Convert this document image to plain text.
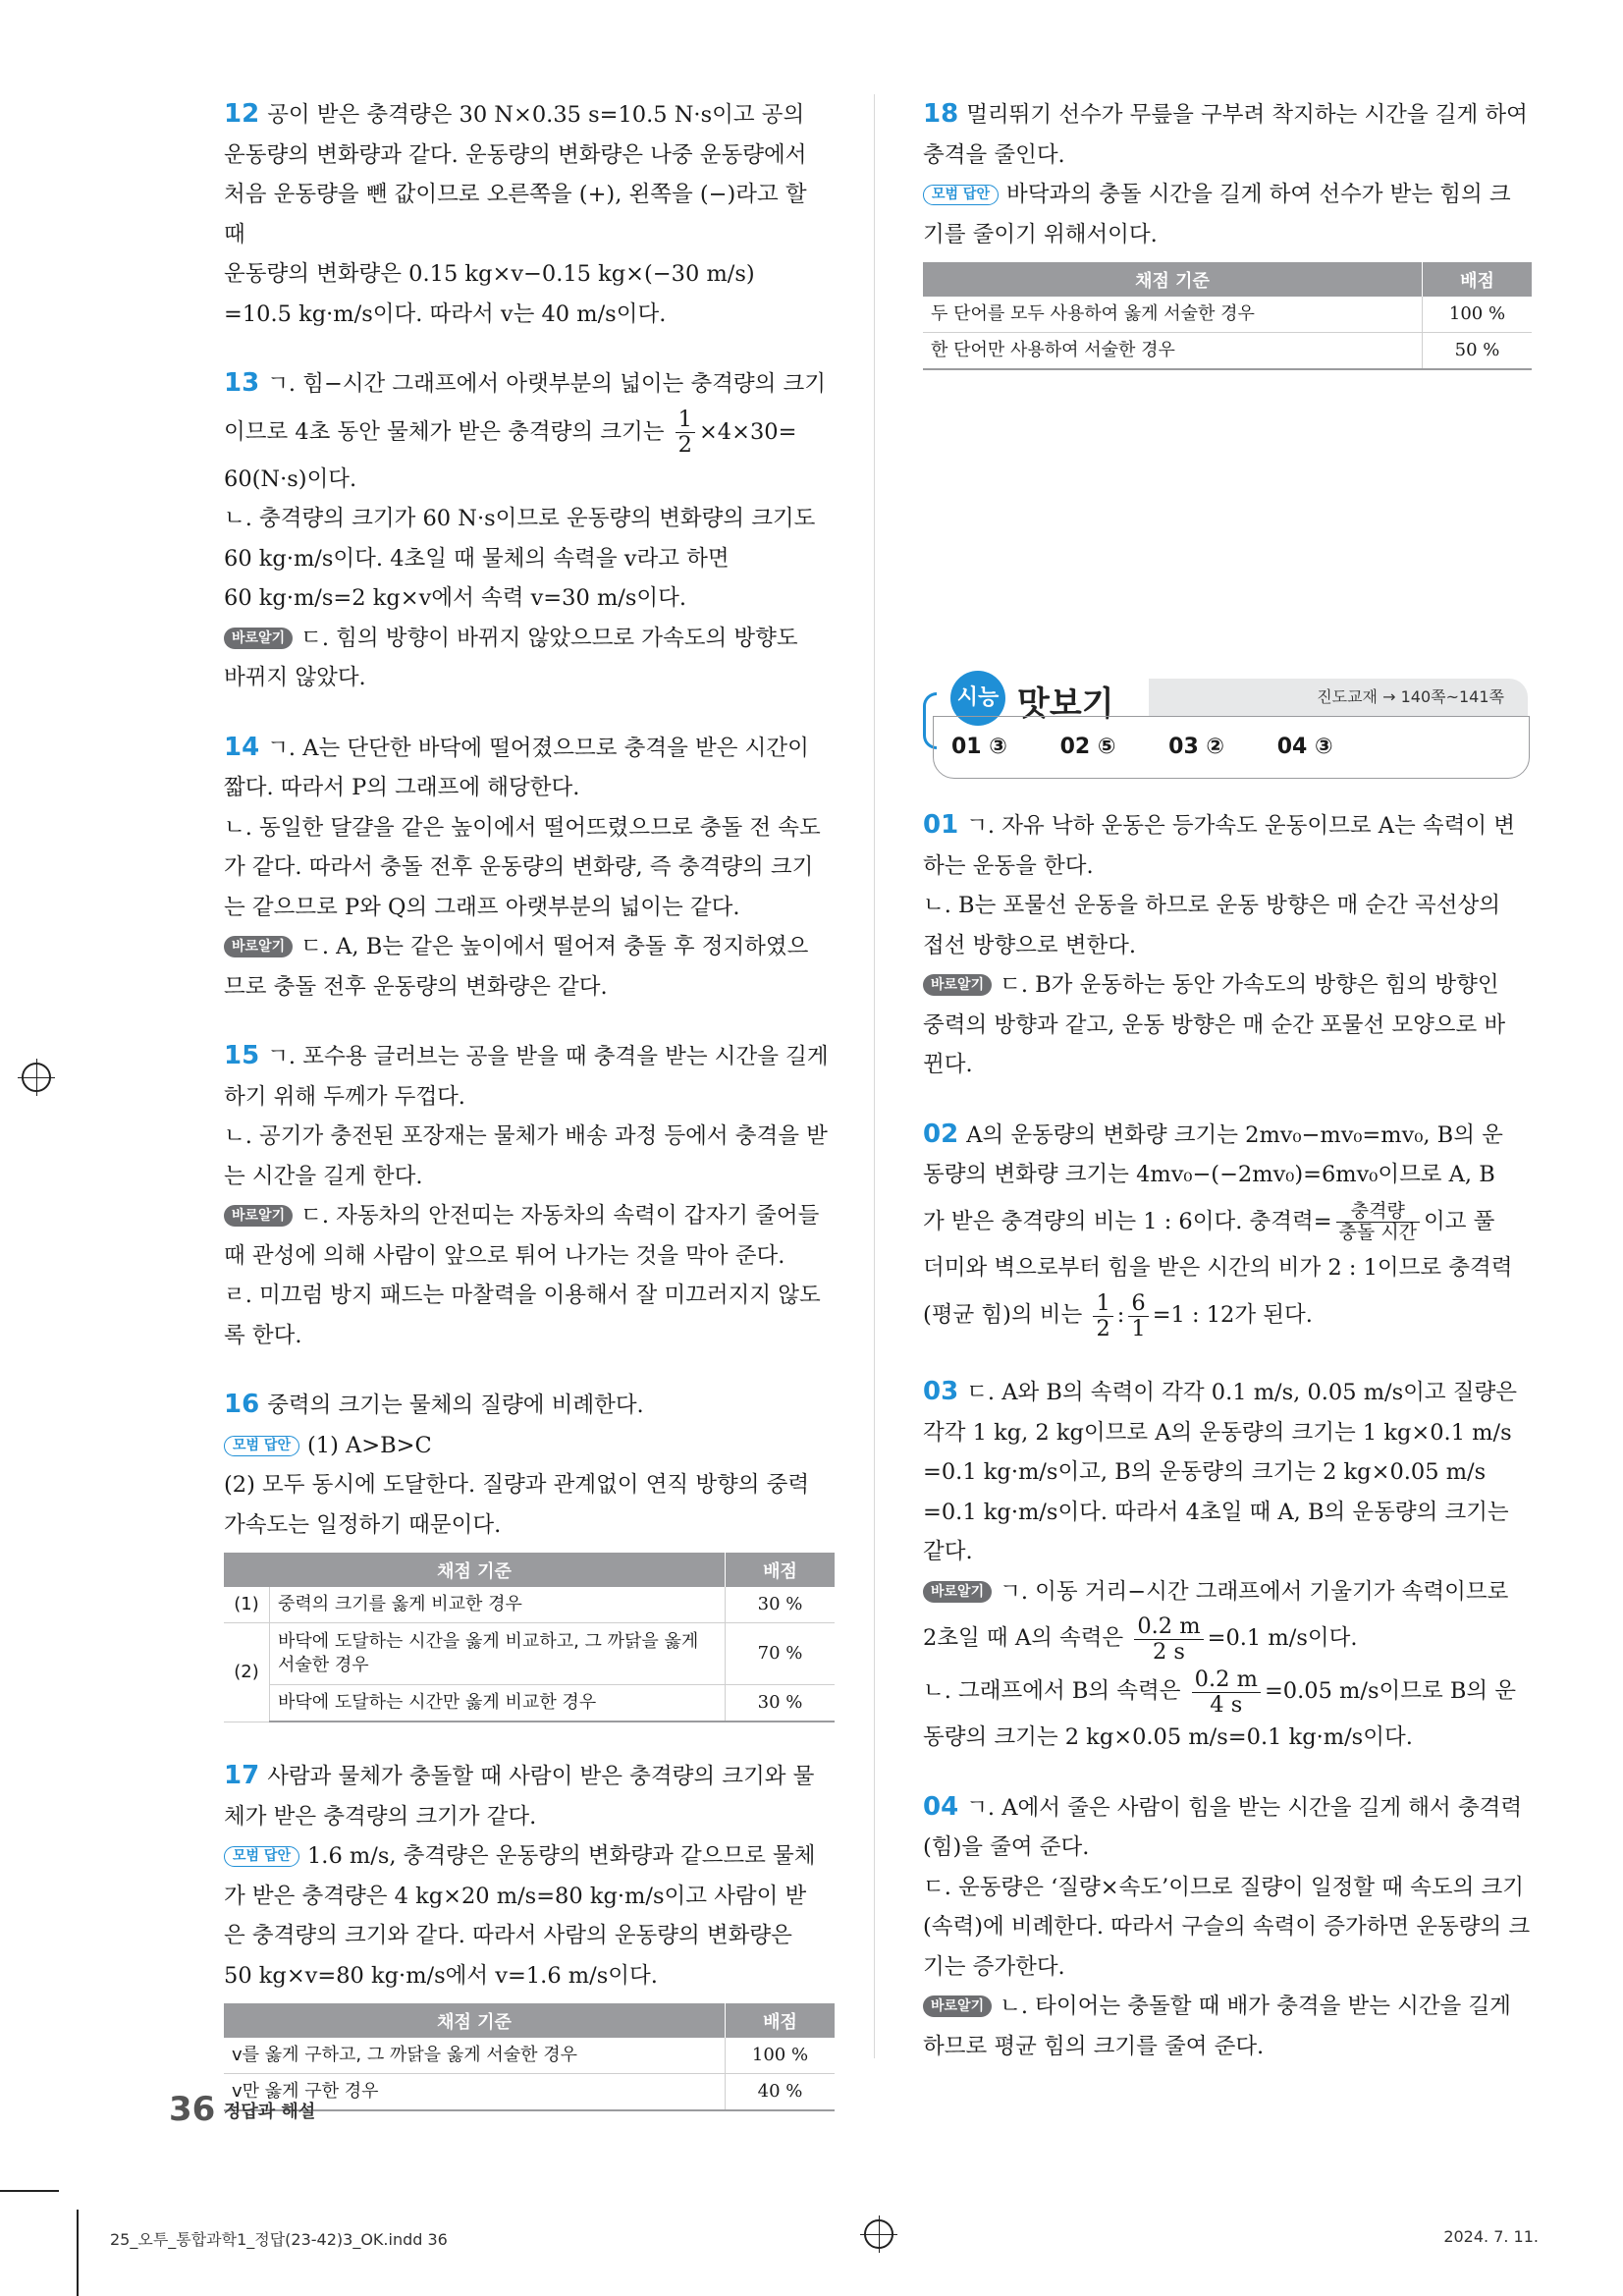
12 공이 받은 충격량은 30 N×0.35 s=10.5 N·s이고 공의

운동량의 변화량과 같다. 운동량의 변화량은 나중 운동량에서

처음 운동량을 뺀 값이므로 오른쪽을 (+), 왼쪽을 (−)라고 할 때

운동량의 변화량은 0.15 kg×v−0.15 kg×(−30 m/s)

=10.5 kg·m/s이다. 따라서 v는 40 m/s이다.

13 ㄱ. 힘−시간 그래프에서 아랫부분의 넓이는 충격량의 크기

이므로 4초 동안 물체가 받은 충격량의 크기는 $\frac{1}{2} \times 4\times 30=$

60(N·s)이다.

ㄴ. 충격량의 크기가 60 N·s이므로 운동량의 변화량의 크기도

60 kg·m/s이다. 4초일 때 물체의 속력을 v라고 하면

60 kg·m/s=2 kg×v에서 속력 v=30 m/s이다.

바로알기 ㄷ. 힘의 방향이 바뀌지 않았으므로 가속도의 방향도

바뀌지 않았다.

14 ㄱ. A는 단단한 바닥에 떨어졌으므로 충격을 받은 시간이

짧다. 따라서 P의 그래프에 해당한다.

ㄴ. 동일한 달걀을 같은 높이에서 떨어뜨렸으므로 충돌 전 속도

가 같다. 따라서 충돌 전후 운동량의 변화량, 즉 충격량의 크기

는 같으므로 P와 Q의 그래프 아랫부분의 넓이는 같다.

바로알기 ㄷ. A, B는 같은 높이에서 떨어져 충돌 후 정지하였으

므로 충돌 전후 운동량의 변화량은 같다.

15 ㄱ. 포수용 글러브는 공을 받을 때 충격을 받는 시간을 길게

하기 위해 두께가 두껍다.

ㄴ. 공기가 충전된 포장재는 물체가 배송 과정 등에서 충격을 받

는 시간을 길게 한다.

바로알기 ㄷ. 자동차의 안전띠는 자동차의 속력이 갑자기 줄어들

때 관성에 의해 사람이 앞으로 튀어 나가는 것을 막아 준다.

ㄹ. 미끄럼 방지 패드는 마찰력을 이용해서 잘 미끄러지지 않도

록 한다.

16 중력의 크기는 물체의 질량에 비례한다.

모범 답안 (1) A>B>C

(2) 모두 동시에 도달한다. 질량과 관계없이 연직 방향의 중력

가속도는 일정하기 때문이다.

채점 기준		배점
(1)	중력의 크기를 옳게 비교한 경우	30 %
(2)	바닥에 도달하는 시간을 옳게 비교하고, 그 까닭을 옳게 서술한 경우	70 %
	바닥에 도달하는 시간만 옳게 비교한 경우	30 %

17 사람과 물체가 충돌할 때 사람이 받은 충격량의 크기와 물

체가 받은 충격량의 크기가 같다.

모범 답안 1.6 m/s, 충격량은 운동량의 변화량과 같으므로 물체

가 받은 충격량은 4 kg×20 m/s=80 kg·m/s이고 사람이 받

은 충격량의 크기와 같다. 따라서 사람의 운동량의 변화량은

50 kg×v=80 kg·m/s에서 v=1.6 m/s이다.

채점 기준	배점
v를 옳게 구하고, 그 까닭을 옳게 서술한 경우	100 %
v만 옳게 구한 경우	40 %

18 멀리뛰기 선수가 무릎을 구부려 착지하는 시간을 길게 하여

충격을 줄인다.

모범 답안 바닥과의 충돌 시간을 길게 하여 선수가 받는 힘의 크

기를 줄이기 위해서이다.

채점 기준	배점
두 단어를 모두 사용하여 옳게 서술한 경우	100 %
한 단어만 사용하여 서술한 경우	50 %
시능 맛보기	진도교재 → 140쪽~141쪽
01 ③ 02 ⑤ 03 ② 04 ③

01 ㄱ. 자유 낙하 운동은 등가속도 운동이므로 A는 속력이 변

하는 운동을 한다.

ㄴ. B는 포물선 운동을 하므로 운동 방향은 매 순간 곡선상의

접선 방향으로 변한다.

바로알기 ㄷ. B가 운동하는 동안 가속도의 방향은 힘의 방향인

중력의 방향과 같고, 운동 방향은 매 순간 포물선 모양으로 바

뀐다.

02 A의 운동량의 변화량 크기는 2mv₀−mv₀=mv₀, B의 운

동량의 변화량 크기는 4mv₀−(−2mv₀)=6mv₀이므로 A, B

가 받은 충격량의 비는 1 : 6이다. 충격력= $\frac{\text{충격량}}{\text{충돌 시간}}$ 이고 풀

더미와 벽으로부터 힘을 받은 시간의 비가 2 : 1이므로 충격력

(평균 힘)의 비는 $\frac{1}{2}$ : $\frac{6}{1} =1$ : 12가 된다.

03 ㄷ. A와 B의 속력이 각각 0.1 m/s, 0.05 m/s이고 질량은

각각 1 kg, 2 kg이므로 A의 운동량의 크기는 1 kg×0.1 m/s

=0.1 kg·m/s이고, B의 운동량의 크기는 2 kg×0.05 m/s

=0.1 kg·m/s이다. 따라서 4초일 때 A, B의 운동량의 크기는

같다.

바로알기 ㄱ. 이동 거리−시간 그래프에서 기울기가 속력이므로

2초일 때 A의 속력은 $\frac{0.2 m}{2 s} =0.1$ m/s이다.

ㄴ. 그래프에서 B의 속력은 $\frac{0.2 m}{4 s} =0.05$ m/s이므로 B의 운

동량의 크기는 2 kg×0.05 m/s=0.1 kg·m/s이다.

04 ㄱ. A에서 줄은 사람이 힘을 받는 시간을 길게 해서 충격력

(힘)을 줄여 준다.

ㄷ. 운동량은 ‘질량×속도’이므로 질량이 일정할 때 속도의 크기

(속력)에 비례한다. 따라서 구슬의 속력이 증가하면 운동량의 크

기는 증가한다.

바로알기 ㄴ. 타이어는 충돌할 때 배가 충격을 받는 시간을 길게

하므로 평균 힘의 크기를 줄여 준다.

36 정답과 해설
25_오투_통합과학1_정답(23-42)3_OK.indd 36	2024. 7. 11.
